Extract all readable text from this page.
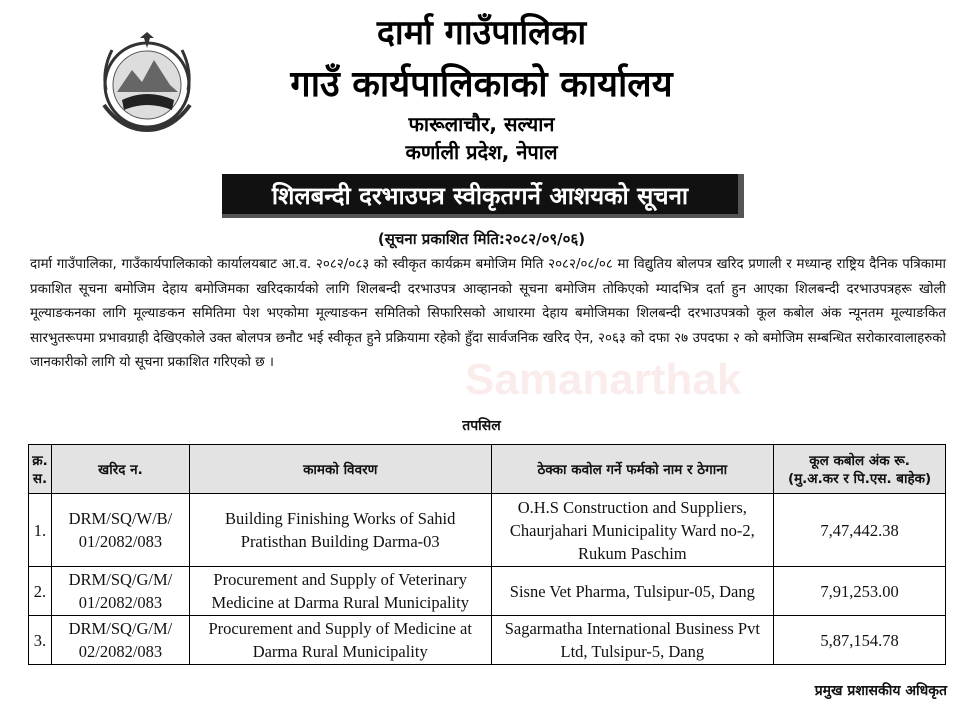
दार्मा गाउँपालिका
गाउँ कार्यपालिकाको कार्यालय
फारूलाचौर, सल्यान
कर्णाली प्रदेश, नेपाल
शिलबन्दी दरभाउपत्र स्वीकृतगर्ने आशयको सूचना
(सूचना प्रकाशित मिति:२०८२/०९/०६)
दार्मा गाउँपालिका, गाउँकार्यपालिकाको कार्यालयबाट आ.व. २०८२/०८३ को स्वीकृत कार्यक्रम बमोजिम मिति २०८२/०८/०८ मा विद्युतिय बोलपत्र खरिद प्रणाली र मध्यान्ह राष्ट्रिय दैनिक पत्रिकामा प्रकाशित सूचना बमोजिम देहाय बमोजिमका खरिदकार्यको लागि शिलबन्दी दरभाउपत्र आव्हानको सूचना बमोजिम तोकिएको म्यादभित्र दर्ता हुन आएका शिलबन्दी दरभाउपत्रहरू खोली मूल्याङकनका लागि मूल्याङकन समितिमा पेश भएकोमा मूल्याङकन समितिको सिफारिसको आधारमा देहाय बमोजिमका शिलबन्दी दरभाउपत्रको कूल कबोल अंक न्यूनतम मूल्याङकित सारभुतरूपमा प्रभावग्राही देखिएकोले उक्त बोलपत्र छनौट भई स्वीकृत हुने प्रक्रियामा रहेको हुँदा सार्वजनिक खरिद ऐन, २०६३ को दफा २७ उपदफा २ को बमोजिम सम्बन्धित सरोकारवालाहरुको जानकारीको लागि यो सूचना प्रकाशित गरिएको छ ।	Samanarthak
तपसिल
क्र. स.	खरिद न.	कामको विवरण	ठेक्का कवोल गर्ने फर्मको नाम र ठेगाना	कूल कबोल अंक रू.
(मु.अ.कर र पि.एस. बाहेक)

1.	DRM/SQ/W/B/ 01/2082/083	Building Finishing Works of Sahid Pratisthan Building Darma-03	O.H.S Construction and Suppliers, Chaurjahari Municipality Ward no-2, Rukum Paschim	7,47,442.38
2.	DRM/SQ/G/M/ 01/2082/083	Procurement and Supply of Veterinary Medicine at Darma Rural Municipality	Sisne Vet Pharma, Tulsipur-05, Dang	7,91,253.00
3.	DRM/SQ/G/M/ 02/2082/083	Procurement and Supply of Medicine at Darma Rural Municipality	Sagarmatha International Business Pvt Ltd, Tulsipur-5, Dang	5,87,154.78
प्रमुख प्रशासकीय अधिकृत
